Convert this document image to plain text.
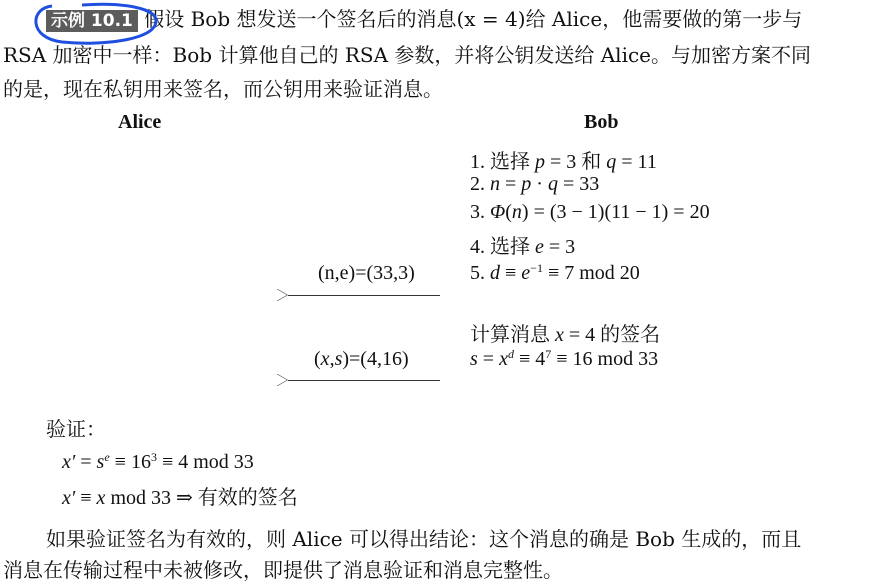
示例 10.1 假设 Bob 想发送一个签名后的消息(x = 4)给 Alice，他需要做的第一步与
RSA 加密中一样：Bob 计算他自己的 RSA 参数，并将公钥发送给 Alice。与加密方案不同
的是，现在私钥用来签名，而公钥用来验证消息。
Alice	Bob
1. 选择 p = 3 和 q = 11
2. n = p · q = 33
3. Φ(n) = (3 − 1)(11 − 1) = 20
4. 选择 e = 3
5. $d \equiv e^{-1} \equiv 7$ mod 20
(n,e)=(33,3)
计算消息 x = 4 的签名
$s = x^d \equiv 4^7 \equiv 16$ mod 33
(x,s)=(4,16)
验证：
$x' = s^e \equiv 16^3 \equiv 4$ mod 33
x′ ≡ x mod 33 ⇒ 有效的签名
如果验证签名为有效的，则 Alice 可以得出结论：这个消息的确是 Bob 生成的，而且
消息在传输过程中未被修改，即提供了消息验证和消息完整性。
